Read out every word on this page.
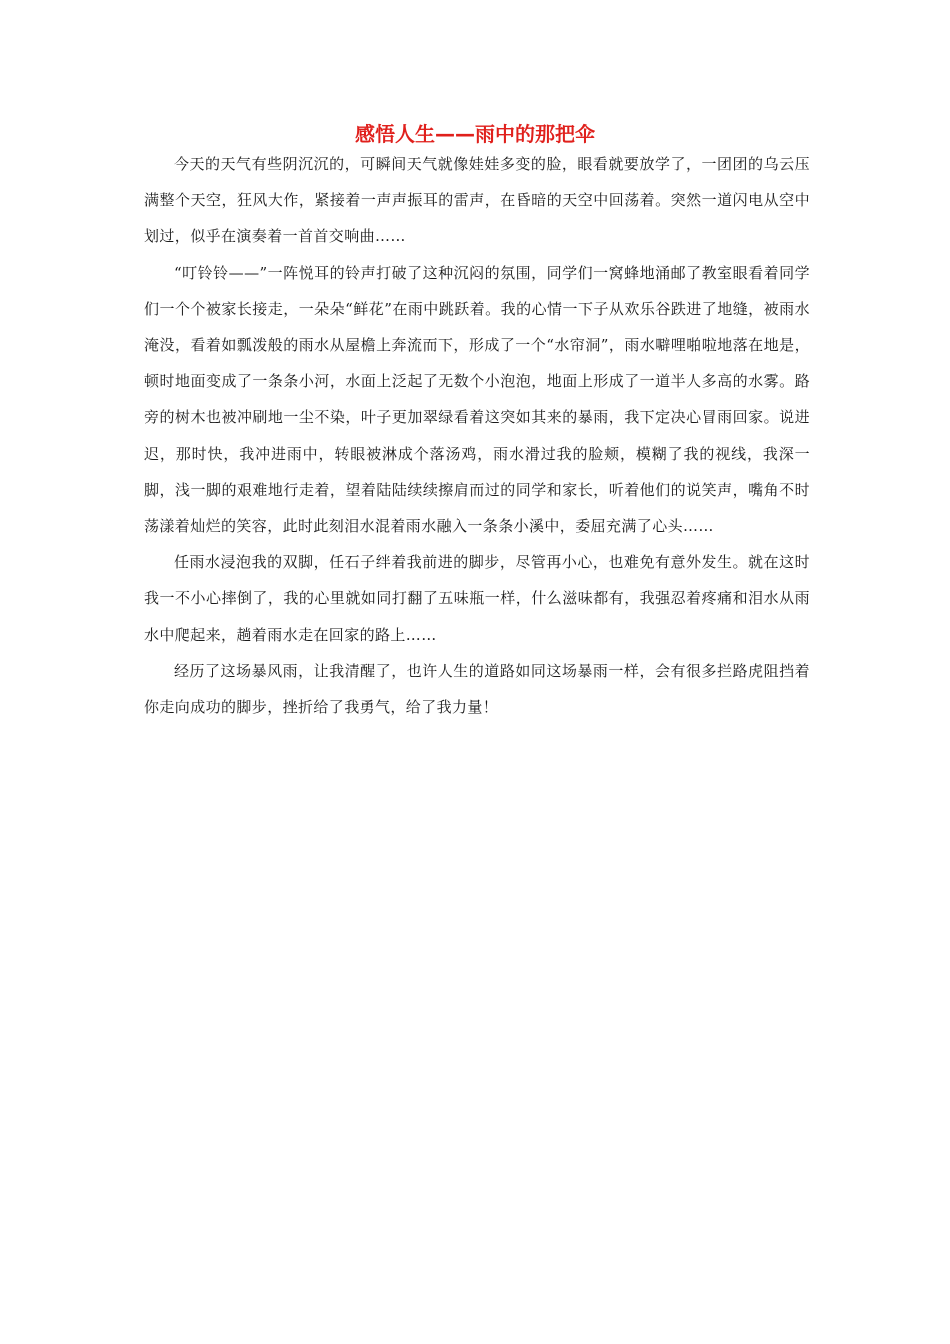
感悟人生——雨中的那把伞

今天的天气有些阴沉沉的，可瞬间天气就像娃娃多变的脸，眼看就要放学了，一团团的乌云压满整个天空，狂风大作，紧接着一声声振耳的雷声，在昏暗的天空中回荡着。突然一道闪电从空中划过，似乎在演奏着一首首交响曲……

“叮铃铃——”一阵悦耳的铃声打破了这种沉闷的氛围，同学们一窝蜂地涌邮了教室眼看着同学们一个个被家长接走，一朵朵“鲜花”在雨中跳跃着。我的心情一下子从欢乐谷跌进了地缝，被雨水淹没，看着如瓢泼般的雨水从屋檐上奔流而下，形成了一个“水帘洞”，雨水噼哩啪啦地落在地是，顿时地面变成了一条条小河，水面上泛起了无数个小泡泡，地面上形成了一道半人多高的水雾。路旁的树木也被冲刷地一尘不染，叶子更加翠绿看着这突如其来的暴雨，我下定决心冒雨回家。说进迟，那时快，我冲进雨中，转眼被淋成个落汤鸡，雨水滑过我的脸颊，模糊了我的视线，我深一脚，浅一脚的艰难地行走着，望着陆陆续续擦肩而过的同学和家长，听着他们的说笑声，嘴角不时荡漾着灿烂的笑容，此时此刻泪水混着雨水融入一条条小溪中，委屈充满了心头……

任雨水浸泡我的双脚，任石子绊着我前进的脚步，尽管再小心，也难免有意外发生。就在这时我一不小心摔倒了，我的心里就如同打翻了五味瓶一样，什么滋味都有，我强忍着疼痛和泪水从雨水中爬起来，趟着雨水走在回家的路上……

经历了这场暴风雨，让我清醒了，也许人生的道路如同这场暴雨一样，会有很多拦路虎阻挡着你走向成功的脚步，挫折给了我勇气，给了我力量！
